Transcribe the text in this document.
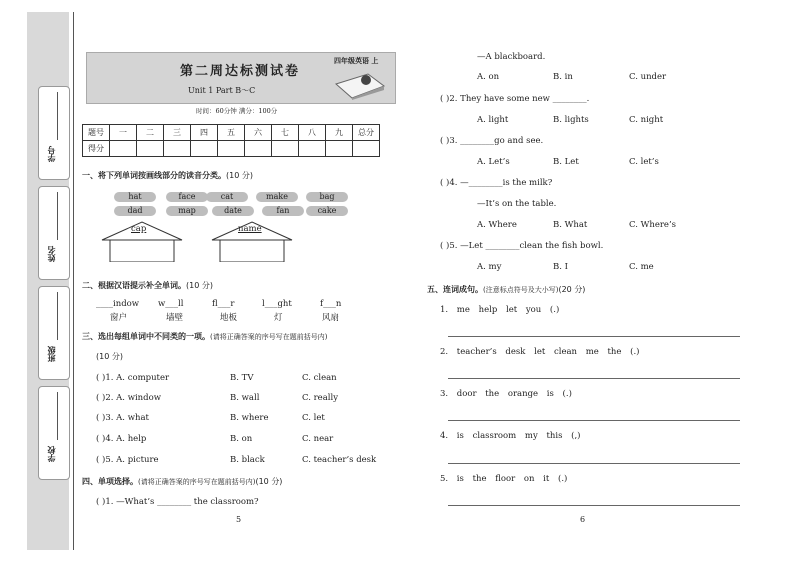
学号
姓名
班级
学校
第二周达标测试卷
四年级英语 上
Unit 1 Part B～C
时间：60分钟 满分：100分
题号	一	二	三	四	五	六	七	八	九	总分
得分										
一、将下列单词按画线部分的读音分类。(10 分)
hat	face	cat	make	bag
dad	map	date	fan	cake
cap	name
二、根据汉语提示补全单词。(10 分)
____indow w___ll	fl___r	l___ght	f___n
窗户	墙壁	地板	灯	风扇
三、选出每组单词中不同类的一项。(请将正确答案的序号写在题前括号内)
(10 分)
( )1. A. computer	B. TV	C. clean
( )2. A. window	B. wall	C. really
( )3. A. what	B. where	C. let
( )4. A. help	B. on	C. near
( )5. A. picture	B. black	C. teacher’s desk
四、单项选择。(请将正确答案的序号写在题前括号内)(10 分)
( )1. —What’s ________ the classroom?
5
—A blackboard.
A. on	B. in	C. under
( )2. They have some new ________.
A. light	B. lights	C. night
( )3. ________go and see.
A. Let’s	B. Let	C. let’s
( )4. —________is the milk?
—It’s on the table.
A. Where	B. What	C. Where’s
( )5. —Let ________clean the fish bowl.
A. my	B. I	C. me
五、连词成句。(注意标点符号及大小写)(20 分)
1. me help let you (.)
2. teacher’s desk let clean me the (.)
3. door the orange is (.)
4. is classroom my this (,)
5. is the floor on it (.)
6
